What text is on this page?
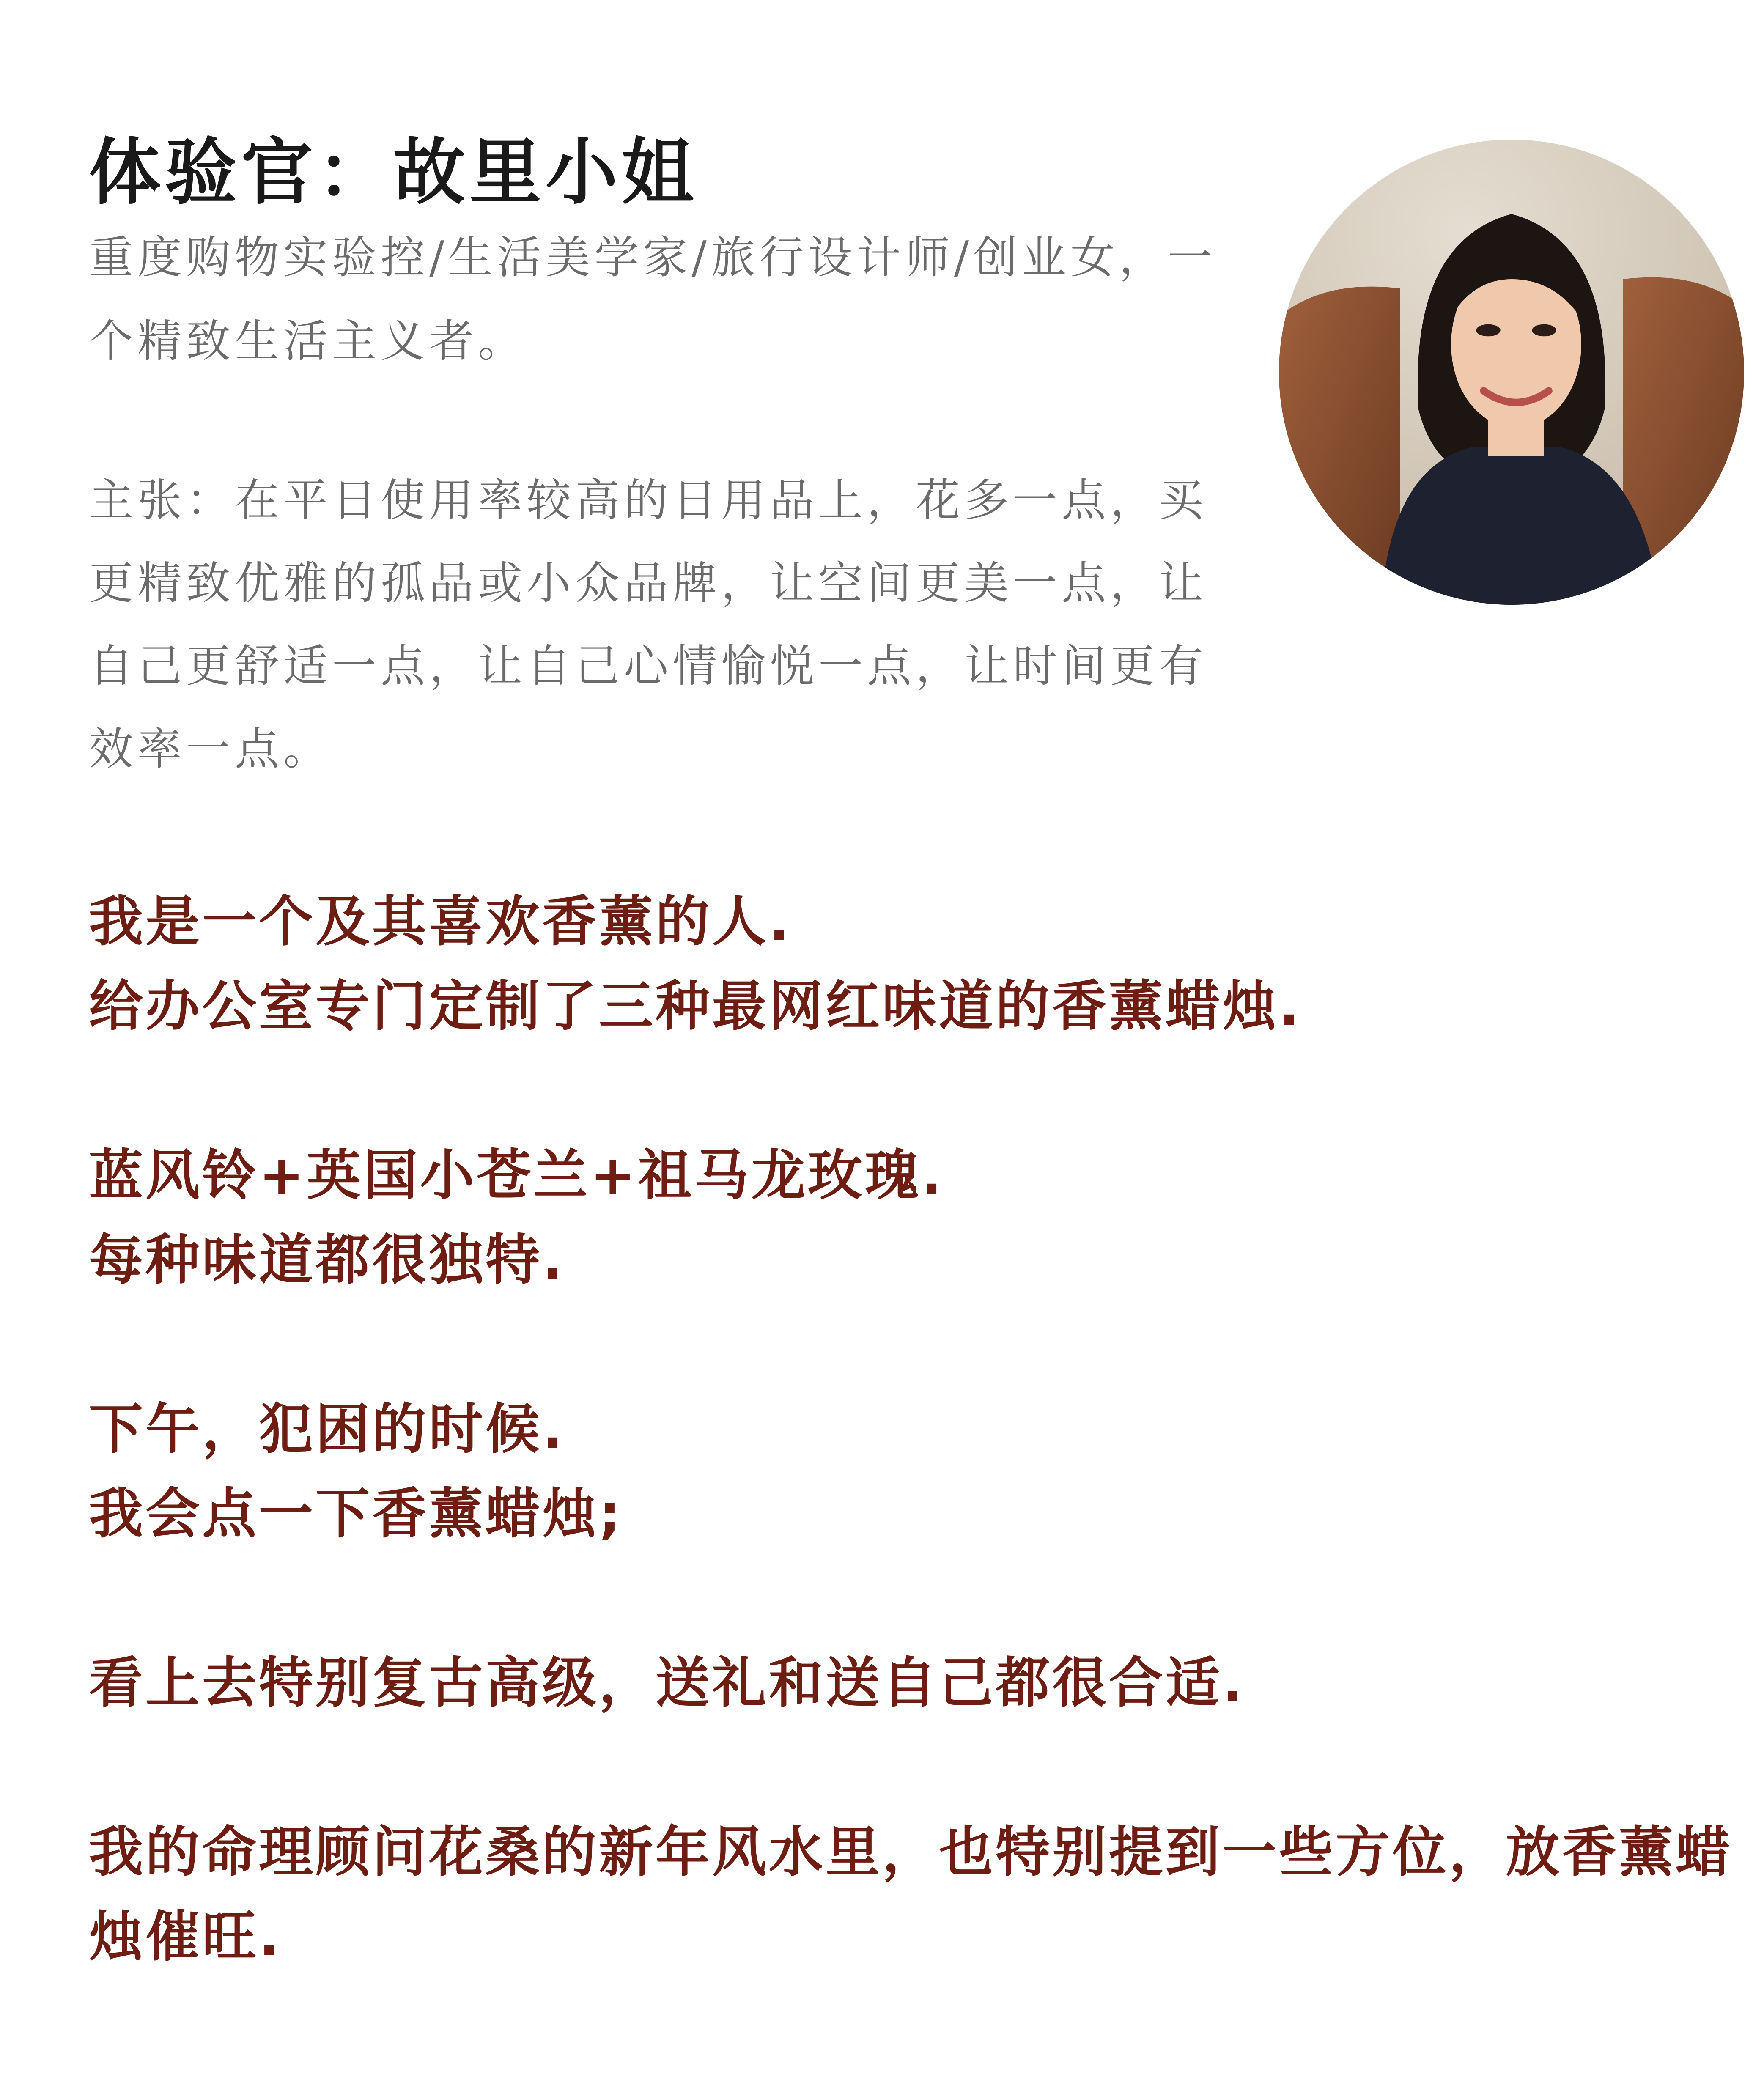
体验官：故里小姐
重度购物实验控/生活美学家/旅行设计师/创业女，一个精致生活主义者。
主张：在平日使用率较高的日用品上，花多一点，买更精致优雅的孤品或小众品牌，让空间更美一点，让自己更舒适一点，让自己心情愉悦一点，让时间更有效率一点。

我是一个及其喜欢香薰的人.

给办公室专门定制了三种最网红味道的香薰蜡烛.

蓝风铃+英国小苍兰+祖马龙玫瑰.

每种味道都很独特.

下午，犯困的时候.

我会点一下香薰蜡烛;

看上去特别复古高级，送礼和送自己都很合适.

我的命理顾问花桑的新年风水里，也特别提到一些方位，放香薰蜡烛催旺.
